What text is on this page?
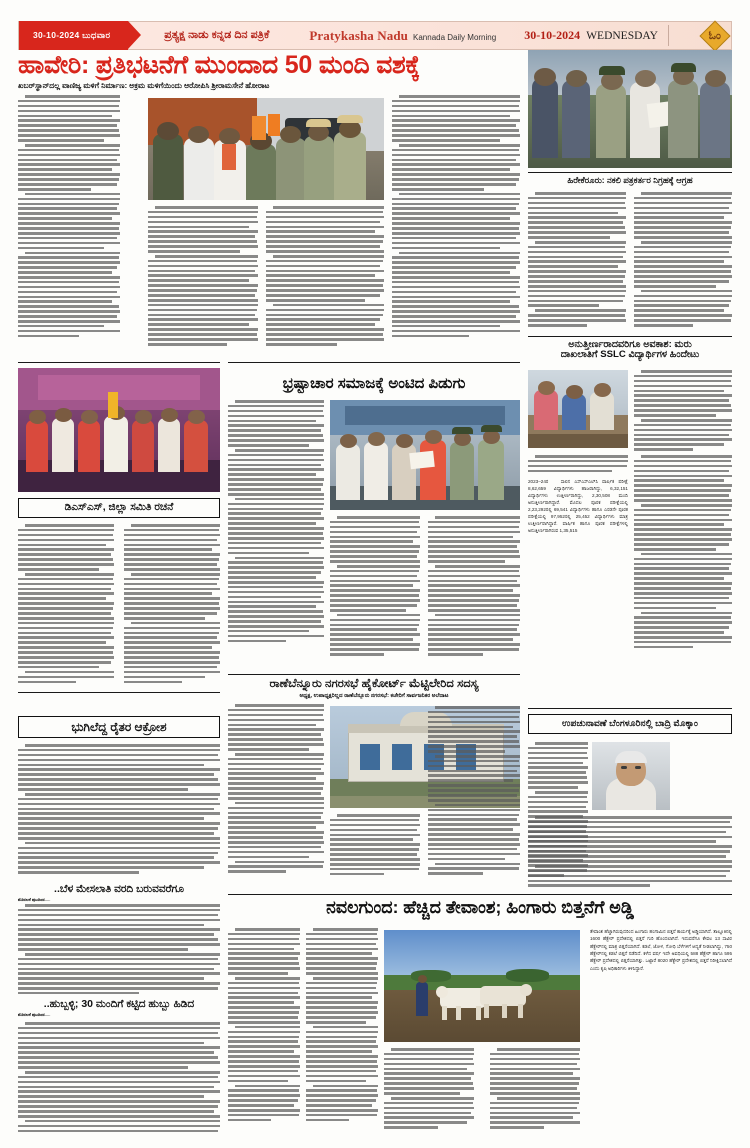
30-10-2024 ಬುಧವಾರ	ಪ್ರತ್ಯಕ್ಷ ನಾಡು ಕನ್ನಡ ದಿನ ಪತ್ರಿಕೆ	Pratykasha Nadu Kannada Daily Morning 30-10-2024 WEDNESDAY	ಓಂ
ಹಾವೇರಿ: ಪ್ರತಿಭಟನೆಗೆ ಮುಂದಾದ 50 ಮಂದಿ ವಶಕ್ಕೆ
ಖಬರ್‌ಸ್ಥಾನ್‌ದಲ್ಲ ವಾಣಿಜ್ಯ ಮಳಿಗೆ ನಿರ್ಮಾಣ: ಅಕ್ರಮ ಮಳಿಗೆಯಿಂದು ಆರೋಪಿಸಿ ಶ್ರೀರಾಮಸೇನೆ ಹೋರಾಟ
ಹಿರೇಕೆರೂರು: ನಕಲಿ ಪತ್ರಕರ್ತರ ನಿಗ್ರಹಕ್ಕೆ ಆಗ್ರಹ
ಅನುತ್ತೀರ್ಣರಾದವರಿಗೂ ಅವಕಾಶ: ಮರು
ದಾಖಲಾತಿಗೆ SSLC ವಿದ್ಯಾರ್ಥಿಗಳ ಹಿಂದೇಟು
2023–24ರ   ಸಾಲಿನ ಎಸ್‌ಎಸ್‌ಎಲ್‌ಸಿ ವಾರ್ಷಿಕ ಪರೀಕ್ಷೆ 8,62,659 ವಿದ್ಯಾರ್ಥಿಗಳು ಹಾಜರಾಗಿದ್ದು, 6,32,151 ವಿದ್ಯಾರ್ಥಿಗಳು ಉತ್ತೀರ್ಣರಾಗಿದ್ದು, 2,30,508 ಮಂದಿ ಅನುತ್ತೀರ್ಣರಾಗಿದ್ದಾರೆ. ಮೊದಲ ಪೂರಕ ಪರೀಕ್ಷೆಯಲ್ಲಿ 2,23,292ರಲ್ಲಿ 69,541 ವಿದ್ಯಾರ್ಥಿಗಳು ಹಾಗೂ ಎರಡನೇ ಪೂರಕ ಪರೀಕ್ಷೆಯಲ್ಲಿ 97,952ರಲ್ಲಿ 25,452 ವಿದ್ಯಾರ್ಥಿಗಳು ಮಾತ್ರ ಉತ್ತೀರ್ಣರಾಗಿದ್ದಾರೆ. ವಾರ್ಷಿಕ ಹಾಗೂ ಪೂರಕ ಪರೀಕ್ಷೆಗಳಲ್ಲಿ ಅನುತ್ತೀರ್ಣರಾಗಿರುವ 1,35,515
ಉಪಚುನಾವಣೆ ಬೆಂಗಳೂರಿನಲ್ಲಿ ಬಾದ್ರಿ ಮೊಕ್ಕಾಂ
ಡಿಎಸ್‌ಎಸ್, ಜಿಲ್ಲಾ ಸಮಿತಿ ರಚನೆ
ಭ್ರಷ್ಟಾಚಾರ ಸಮಾಜಕ್ಕೆ ಅಂಟಿದ ಪಿಡುಗು
ರಾಣೆಬೆನ್ನೂರು ನಗರಸಭೆ ಹೈಕೋರ್ಟ್ ಮೆಟ್ಟಿಲೇರಿದ ಸದಸ್ಯ
ಅಧ್ಯಕ್ಷ, ಉಪಾಧ್ಯಕ್ಷರಿಲ್ಲದ ರಾಣೆಬೆನ್ನೂರು ನಗರಸಭೆ: ಕಚೇರಿಗೆ ಸಾರ್ವಜನಿಕರ ಅಲೆದಾಟ
ಭುಗಿಲೆದ್ದ ರೈತರ ಆಕ್ರೋಶ
..ಬೆಳ ಮೇಸಲಾತಿ ವರದಿ ಬರುವವರೆಗೂ
ಮೊದಲನೆ ಪುಟದಿಂದ.....
..ಹುಬ್ಬಳ್ಳಿ; 30 ಮಂದಿಗೆ ಕಟ್ಟಿದ ಹುಬ್ಬು ಹಿಡಿದ
ಮೊದಲನೆ ಪುಟದಿಂದ.....
ನವಲಗುಂದ: ಹೆಚ್ಚಿದ ತೇವಾಂಶ; ಹಿಂಗಾರು ಬಿತ್ತನೆಗೆ ಅಡ್ಡಿ
ತೇವಾಂಶ ಹೆಚ್ಚಾಗಿರುವುದರಿಂದ ಹಿಂಗಾರು ಹಂಗಾಮಿನ ಬಿತ್ತನೆ ಕಾರ್ಯಕ್ಕೆ ಅಡ್ಡಿಯಾಗಿದೆ. ತಾಲ್ಲೂಕಿನಲ್ಲಿ 1600 ಹೆಕ್ಟೇರ್‌ ಪ್ರದೇಶದಲ್ಲಿ ಬಿತ್ತನೆ ಗುರಿ ಹೊಂದಲಾಗಿದೆ. ಇದುವರೆಗೂ ಕೇವಲ 13 ಸಾವಿರ ಹೆಕ್ಟೇರ್‌ನಲ್ಲಿ ಮಾತ್ರ ಬಿತ್ತನೆಯಾಗಿದೆ. ಕಡಲೆ, ಜೋಳ, ಗೋಧಿ ಬೆಳೆಗಳಿಗೆ ಆದ್ಯತೆ ನೀಡಲಾಗಿದ್ದು, 750 ಹೆಕ್ಟೇರ್‌ನಲ್ಲಿ ಕಡಲೆ ಬಿತ್ತನೆ ನಡೆದಿದೆ. ಕಳೆದ ವರ್ಷ ಇದೇ ಅವಧಿಯಲ್ಲಿ 588 ಹೆಕ್ಟೇರ್‌ ಹಾಗೂ 595 ಹೆಕ್ಟೇರ್‌ ಪ್ರದೇಶದಲ್ಲಿ ಬಿತ್ತನೆಯಾಗಿತ್ತು. ಒಟ್ಟಾರೆ 8020 ಹೆಕ್ಟೇರ್‌ ಪ್ರದೇಶದಲ್ಲಿ ಬಿತ್ತನೆ ನಿರೀಕ್ಷಿಸಲಾಗಿದೆ ಎಂದು ಕೃಷಿ ಅಧಿಕಾರಿಗಳು ತಿಳಿಸಿದ್ದಾರೆ.
